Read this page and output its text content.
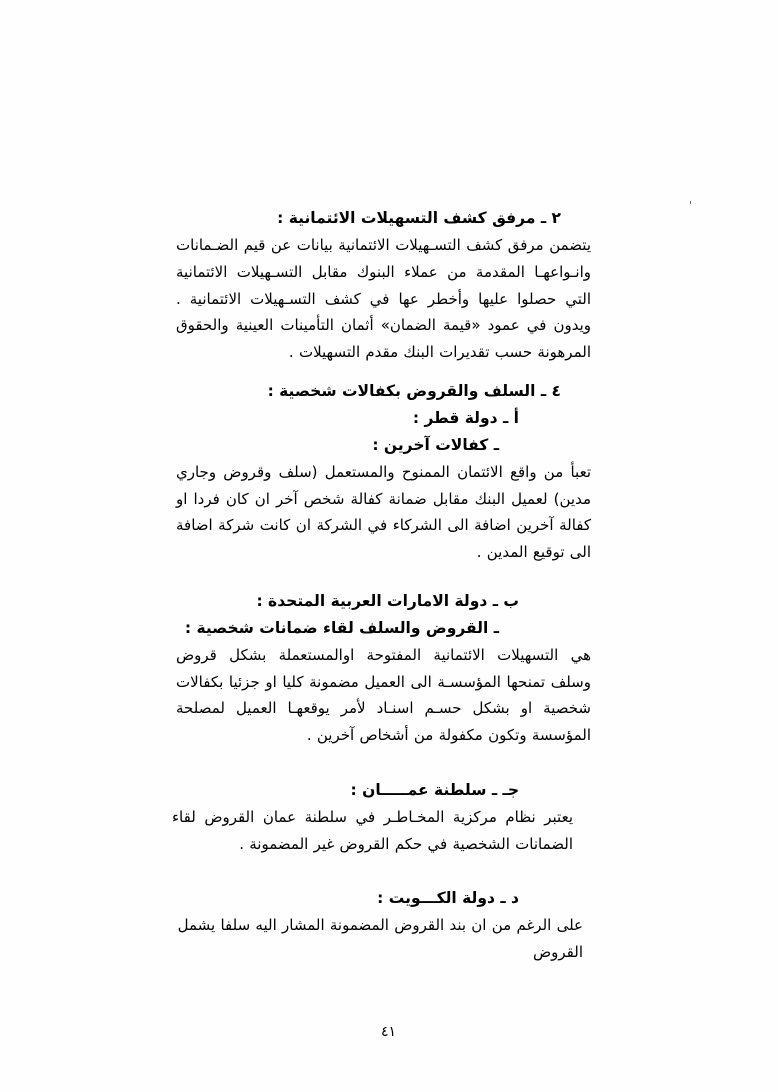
ˈ
٢ ـ مرفق كشف التسهيلات الائتمانية :
يتضمن مرفق كشف التسـهيلات الائتمانية بيانات عن قيم الضـمانات وانـواعهـا المقدمة من عملاء البنوك مقابل التسـهيلات الائتمانية التي حصلوا عليها وأخطر عها في كشف التسـهيلات الائتمانية . ويدون في عمود «قيمة الضمان» أثمان التأمينات العينية والحقوق المرهونة حسب تقديرات البنك مقدم التسهيلات .
٤ ـ السلف والقروض بكفالات شخصية :
أ ـ دولة قطر :
ـ كفالات آخرين :
تعبأ من واقع الائتمان الممنوح والمستعمل (سلف وقروض وجاري مدين) لعميل البنك مقابل ضمانة كفالة شخص آخر ان كان فردا او كفالة آخرين اضافة الى الشركاء في الشركة ان كانت شركة اضافة الى توقيع المدين .
ب ـ دولة الامارات العربية المتحدة :
ـ القروض والسلف لقاء ضمانات شخصية :
هي التسهيلات الائتمانية المفتوحة اوالمستعملة بشكل قروض وسلف تمنحها المؤسسـة الى العميل مضمونة كليا او جزئيا بكفالات شخصية او بشكل حسـم اسنـاد لأمر يوقعهـا العميل لمصلحة المؤسسة وتكون مكفولة من أشخاص آخرين .
جـ ـ سلطنة عمـــــان :
يعتبر نظام مركزية المخـاطـر في سلطنة عمان القروض لقاء الضمانات الشخصية في حكم القروض غير المضمونة .
د ـ دولة الكـــويت :
على الرغم من ان بند القروض المضمونة المشار اليه سلفا يشمل القروض
٤١
